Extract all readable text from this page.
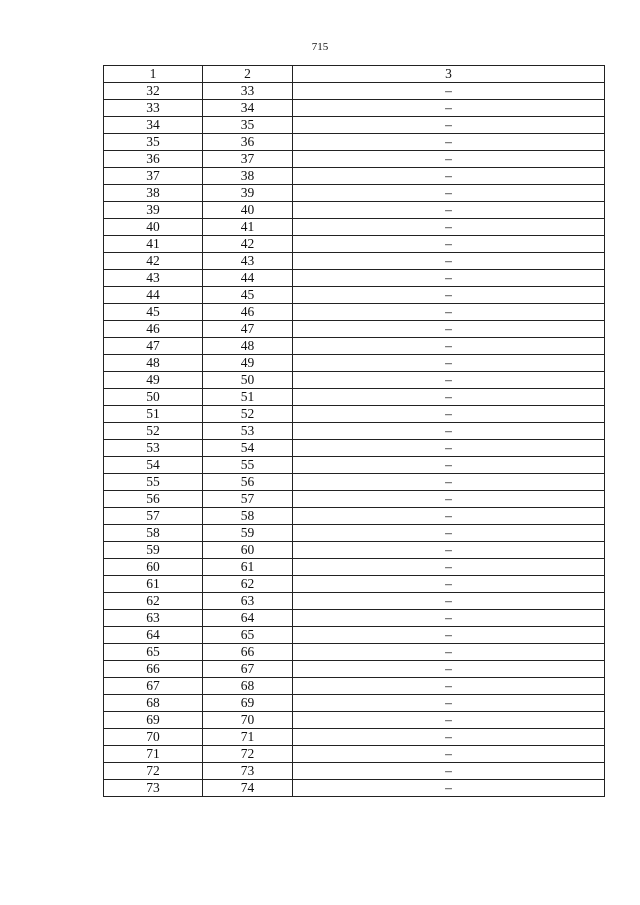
715
1	2	3
32	33	–
33	34	–
34	35	–
35	36	–
36	37	–
37	38	–
38	39	–
39	40	–
40	41	–
41	42	–
42	43	–
43	44	–
44	45	–
45	46	–
46	47	–
47	48	–
48	49	–
49	50	–
50	51	–
51	52	–
52	53	–
53	54	–
54	55	–
55	56	–
56	57	–
57	58	–
58	59	–
59	60	–
60	61	–
61	62	–
62	63	–
63	64	–
64	65	–
65	66	–
66	67	–
67	68	–
68	69	–
69	70	–
70	71	–
71	72	–
72	73	–
73	74	–
